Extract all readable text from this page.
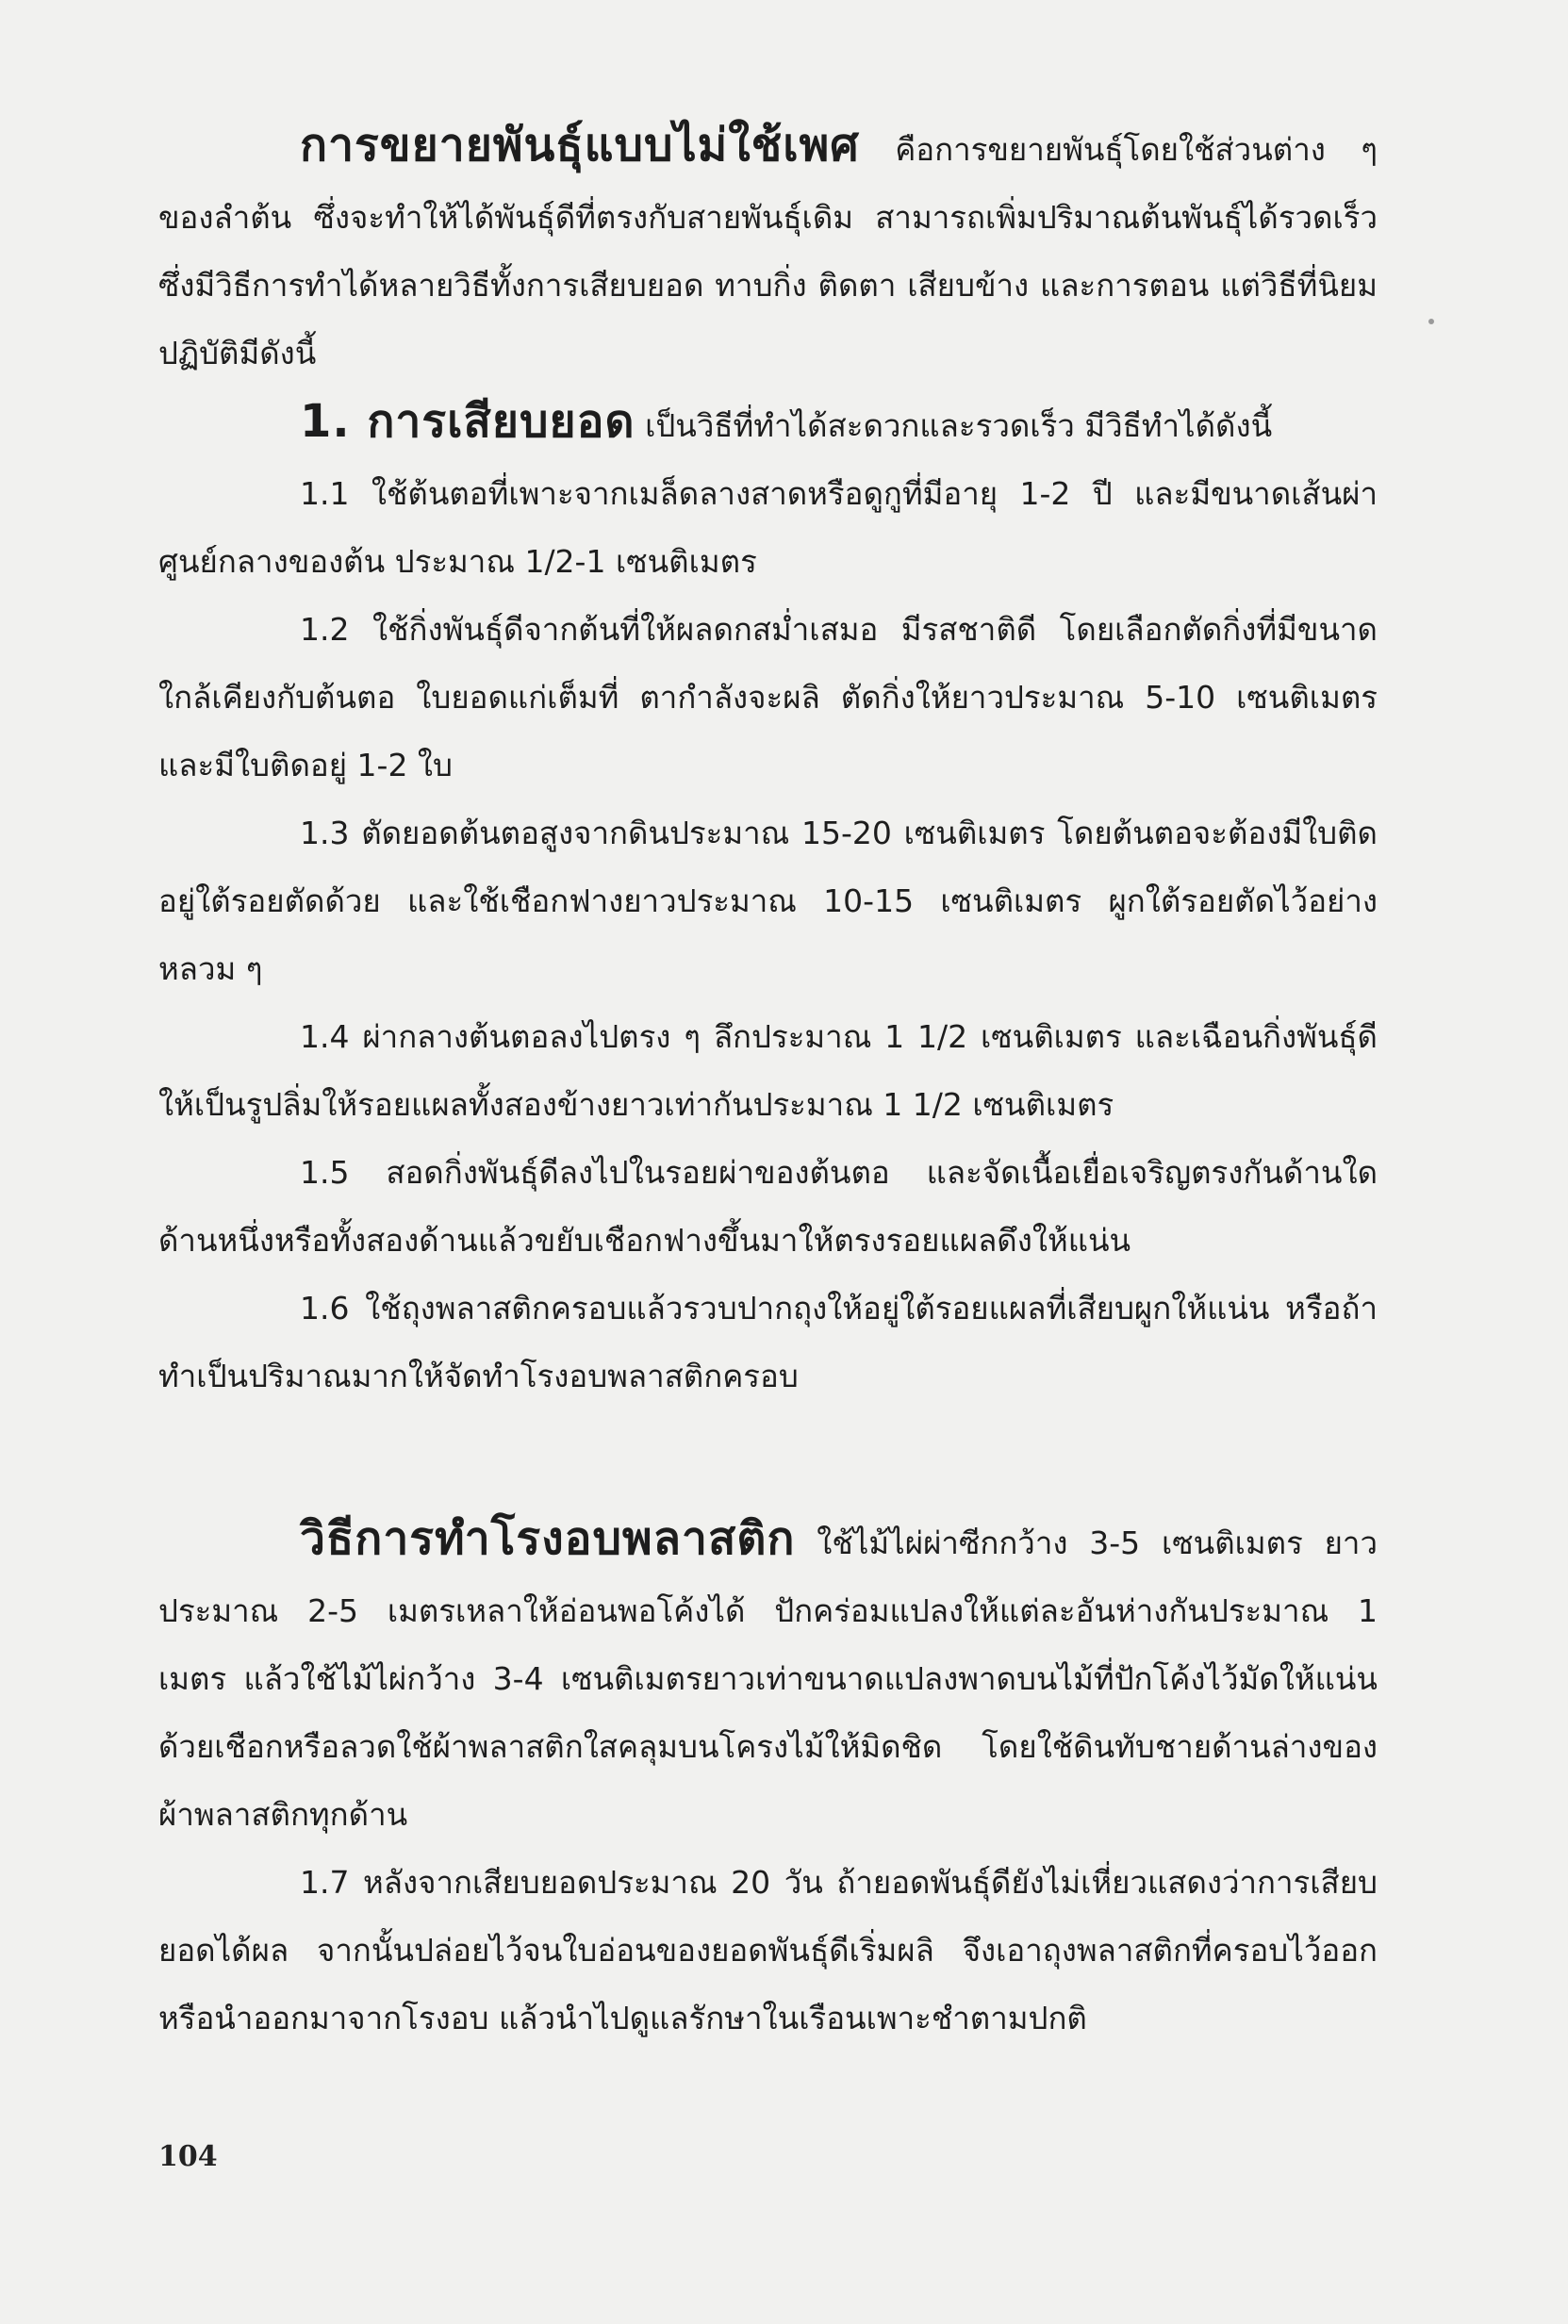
การขยายพันธุ์แบบไม่ใช้เพศ คือการขยายพันธุ์โดยใช้ส่วนต่าง ๆ ของลำต้น ซึ่งจะทำให้ได้พันธุ์ดีที่ตรงกับสายพันธุ์เดิม สามารถเพิ่มปริมาณต้นพันธุ์ได้รวดเร็ว ซึ่งมีวิธีการทำได้หลายวิธีทั้งการเสียบยอด ทาบกิ่ง ติดตา เสียบข้าง และการตอน แต่วิธีที่นิยมปฏิบัติมีดังนี้

1. การเสียบยอด เป็นวิธีที่ทำได้สะดวกและรวดเร็ว มีวิธีทำได้ดังนี้

1.1 ใช้ต้นตอที่เพาะจากเมล็ดลางสาดหรือดูกูที่มีอายุ 1-2 ปี และมีขนาดเส้นผ่าศูนย์กลางของต้น ประมาณ 1/2-1 เซนติเมตร

1.2 ใช้กิ่งพันธุ์ดีจากต้นที่ให้ผลดกสม่ำเสมอ มีรสชาติดี โดยเลือกตัดกิ่งที่มีขนาดใกล้เคียงกับต้นตอ ใบยอดแก่เต็มที่ ตากำลังจะผลิ ตัดกิ่งให้ยาวประมาณ 5-10 เซนติเมตรและมีใบติดอยู่ 1-2 ใบ

1.3 ตัดยอดต้นตอสูงจากดินประมาณ 15-20 เซนติเมตร โดยต้นตอจะต้องมีใบติดอยู่ใต้รอยตัดด้วย และใช้เชือกฟางยาวประมาณ 10-15 เซนติเมตร ผูกใต้รอยตัดไว้อย่างหลวม ๆ

1.4 ผ่ากลางต้นตอลงไปตรง ๆ ลึกประมาณ 1 1/2 เซนติเมตร และเฉือนกิ่งพันธุ์ดีให้เป็นรูปลิ่มให้รอยแผลทั้งสองข้างยาวเท่ากันประมาณ 1 1/2 เซนติเมตร

1.5 สอดกิ่งพันธุ์ดีลงไปในรอยผ่าของต้นตอ และจัดเนื้อเยื่อเจริญตรงกันด้านใดด้านหนึ่งหรือทั้งสองด้านแล้วขยับเชือกฟางขึ้นมาให้ตรงรอยแผลดึงให้แน่น

1.6 ใช้ถุงพลาสติกครอบแล้วรวบปากถุงให้อยู่ใต้รอยแผลที่เสียบผูกให้แน่น หรือถ้าทำเป็นปริมาณมากให้จัดทำโรงอบพลาสติกครอบ

วิธีการทำโรงอบพลาสติก ใช้ไม้ไผ่ผ่าซีกกว้าง 3-5 เซนติเมตร ยาวประมาณ 2-5 เมตรเหลาให้อ่อนพอโค้งได้ ปักคร่อมแปลงให้แต่ละอันห่างกันประมาณ 1 เมตร แล้วใช้ไม้ไผ่กว้าง 3-4 เซนติเมตรยาวเท่าขนาดแปลงพาดบนไม้ที่ปักโค้งไว้มัดให้แน่นด้วยเชือกหรือลวดใช้ผ้าพลาสติกใสคลุมบนโครงไม้ให้มิดชิด โดยใช้ดินทับชายด้านล่างของผ้าพลาสติกทุกด้าน

1.7 หลังจากเสียบยอดประมาณ 20 วัน ถ้ายอดพันธุ์ดียังไม่เหี่ยวแสดงว่าการเสียบยอดได้ผล จากนั้นปล่อยไว้จนใบอ่อนของยอดพันธุ์ดีเริ่มผลิ จึงเอาถุงพลาสติกที่ครอบไว้ออกหรือนำออกมาจากโรงอบ แล้วนำไปดูแลรักษาในเรือนเพาะชำตามปกติ

104
